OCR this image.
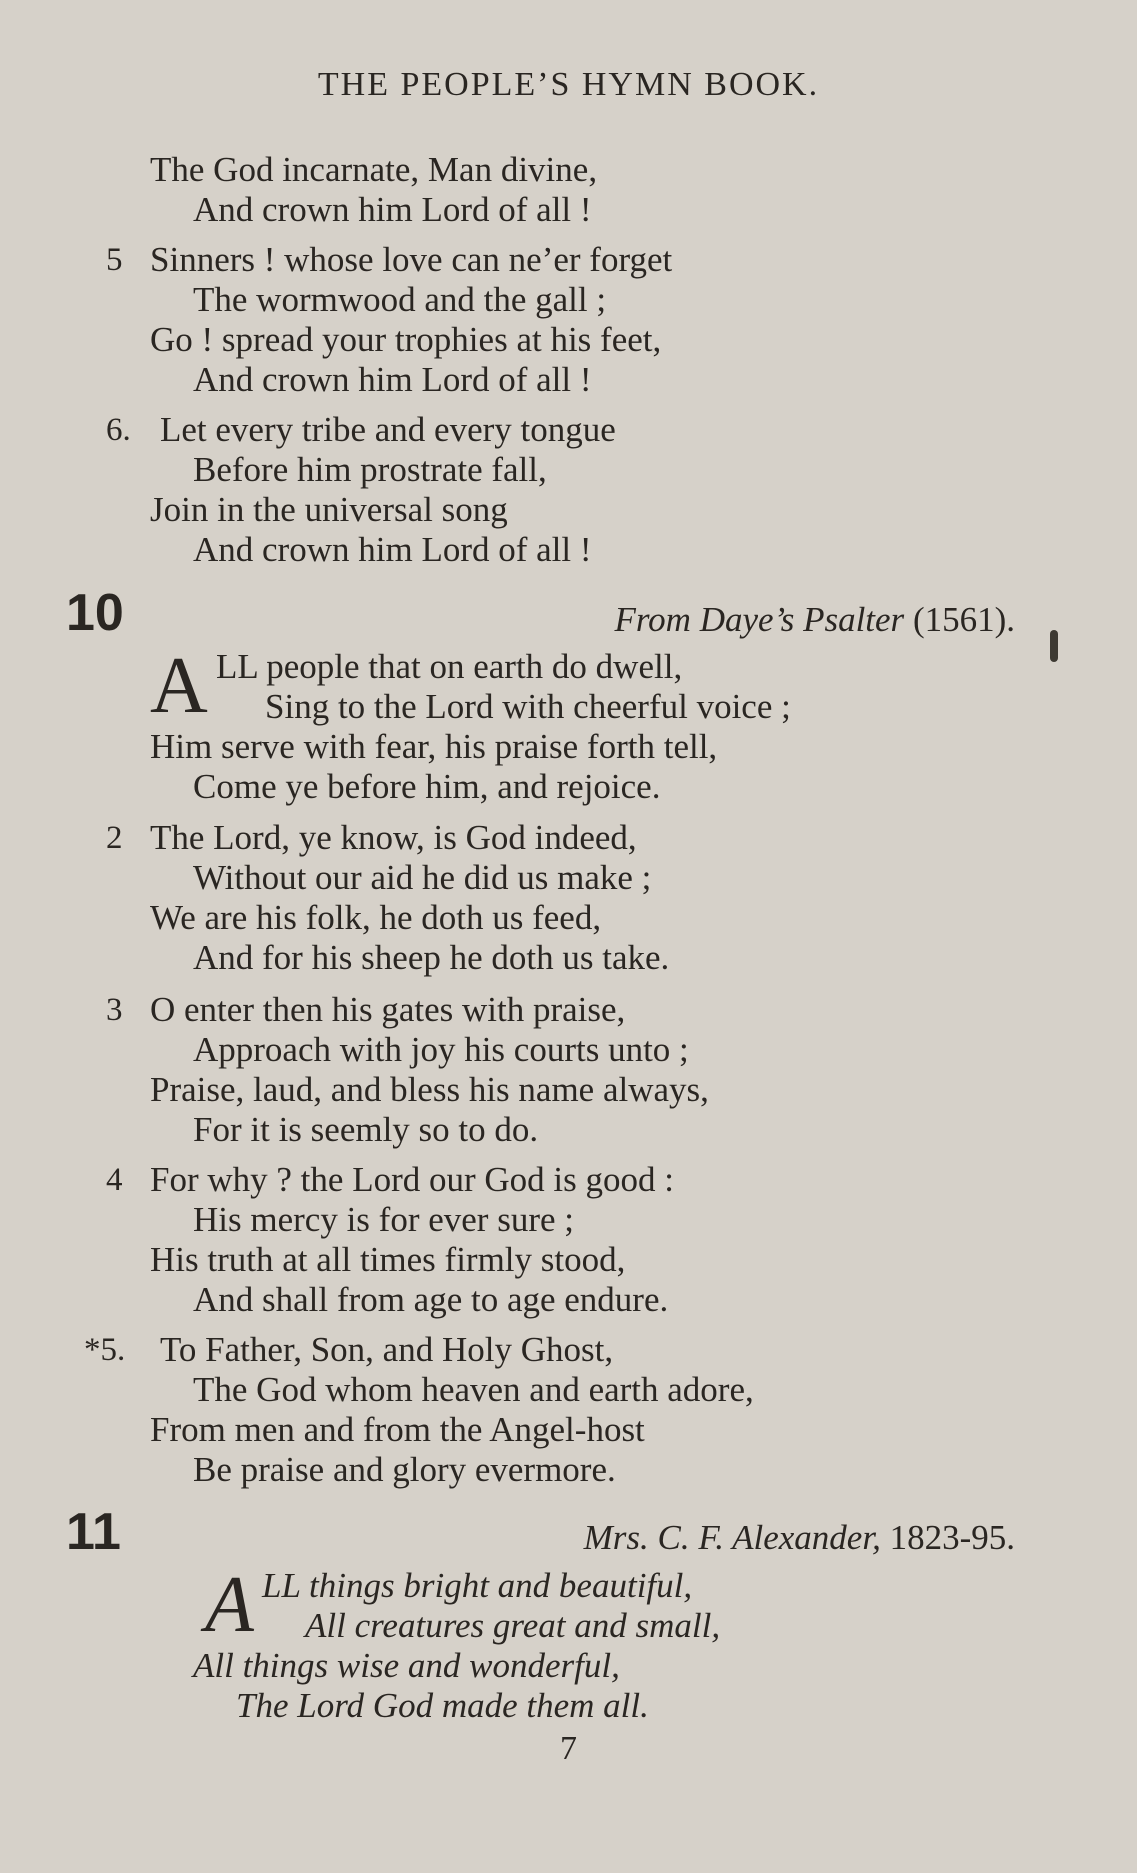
THE PEOPLE’S HYMN BOOK.
The God incarnate, Man divine,
And crown him Lord of all !
5 Sinners ! whose love can ne’er forget
The wormwood and the gall ;
Go ! spread your trophies at his feet,
And crown him Lord of all !
6. Let every tribe and every tongue
Before him prostrate fall,
Join in the universal song
And crown him Lord of all !
10	From Daye’s Psalter (1561).
A LL people that on earth do dwell,
Sing to the Lord with cheerful voice ;
Him serve with fear, his praise forth tell,
Come ye before him, and rejoice.
2 The Lord, ye know, is God indeed,
Without our aid he did us make ;
We are his folk, he doth us feed,
And for his sheep he doth us take.
3 O enter then his gates with praise,
Approach with joy his courts unto ;
Praise, laud, and bless his name always,
For it is seemly so to do.
4 For why ? the Lord our God is good :
His mercy is for ever sure ;
His truth at all times firmly stood,
And shall from age to age endure.
*5. To Father, Son, and Holy Ghost,
The God whom heaven and earth adore,
From men and from the Angel-host
Be praise and glory evermore.
11	Mrs. C. F. Alexander, 1823-95.
A LL things bright and beautiful,
All creatures great and small,
All things wise and wonderful,
The Lord God made them all.
7
